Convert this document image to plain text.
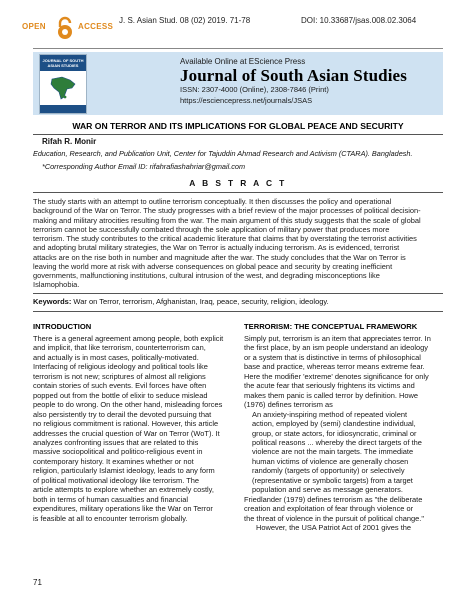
OPEN	ACCESS
J. S. Asian Stud. 08 (02) 2019. 71-78	DOI: 10.33687/jsas.008.02.3064
JOURNAL OF SOUTH ASIAN STUDIES	Available Online at EScience Press
Journal of South Asian Studies
ISSN: 2307-4000 (Online), 2308-7846 (Print)
https://esciencepress.net/journals/JSAS
WAR ON TERROR AND ITS IMPLICATIONS FOR GLOBAL PEACE AND SECURITY
Rifah R. Monir
Education, Research, and Publication Unit, Center for Tajuddin Ahmad Research and Activism (CTARA). Bangladesh.
*Corresponding Author Email ID: rifahrafiashahriar@gmail.com
A B S T R A C T

The study starts with an attempt to outline terrorism conceptually. It then discusses the policy and operational

background of the War on Terror. The study progresses with a brief review of the major processes of political decision-

making and military atrocities resulting from the war. The main argument of this study suggests that the scale of global

terrorism cannot be successfully combated through the sole application of military power that produces more

terrorism. The study contributes to the critical academic literature that claims that by overstating the terrorist activities

and adopting brutal military strategies, the War on Terror is actually inducing terrorism. As is evidenced, terrorist

attacks are on the rise both in number and magnitude after the war. The study concludes that the War on Terror is

leaving the world more at risk with adverse consequences on global peace and security by creating inefficient

governments, malfunctioning institutions, cultural intrusion of the west, and degrading misconceptions like

Islamophobia.

Keywords: War on Terror, terrorism, Afghanistan, Iraq, peace, security, religion, ideology.
INTRODUCTION
There is a general agreement among people, both explicit
and implicit, that like terrorism, counterterrorism can,
and actually is in most cases, politically-motivated.
Interfacing of religious ideology and political tools like
terrorism is not new; scriptures of almost all religions
contain stories of such events. Evil forces have often
popped out from the bottle of elixir to seduce mislead
people to do wrong. On the other hand, misleading forces
also persistently try to derail the devoted pursuing that
no religious commitment is rational. However, this article
addresses the crucial question of War on Terror (WoT). It
analyzes confronting issues that are related to this
massive sociopolitical and politico-religious event in
contemporary history. It examines whether or not
religion, particularly Islamist ideology, leads to any form
of political motivational ideology like terrorism. The
article attempts to explore whether an extremely costly,
both in terms of human casualties and financial
expenditures, military operations like the War on Terror
is feasible at all to encounter terrorism globally.
TERRORISM: THE CONCEPTUAL FRAMEWORK
Simply put, terrorism is an item that appreciates terror. In
the first place, by an ism people understand an ideology
or a system that is distinctive in terms of philosophical
base and practice, whereas terror means extreme fear.
Here the modifier 'extreme' denotes significance for only
the acute fear that seriously frightens its victims and
makes them panic is called terror by definition. Howe
(1976) defines terrorism as
An anxiety-inspiring method of repeated violent
action, employed by (semi) clandestine individual,
group, or state actors, for idiosyncratic, criminal or
political reasons ... whereby the direct targets of the
violence are not the main targets. The immediate
human victims of violence are generally chosen
randomly (targets of opportunity) or selectively
(representative or symbolic targets) from a target
population and serve as message generators.
Friedlander (1979) defines terrorism as "the deliberate
creation and exploitation of fear through violence or
the threat of violence in the pursuit of political change."
However, the USA Patriot Act of 2001 gives the
71
